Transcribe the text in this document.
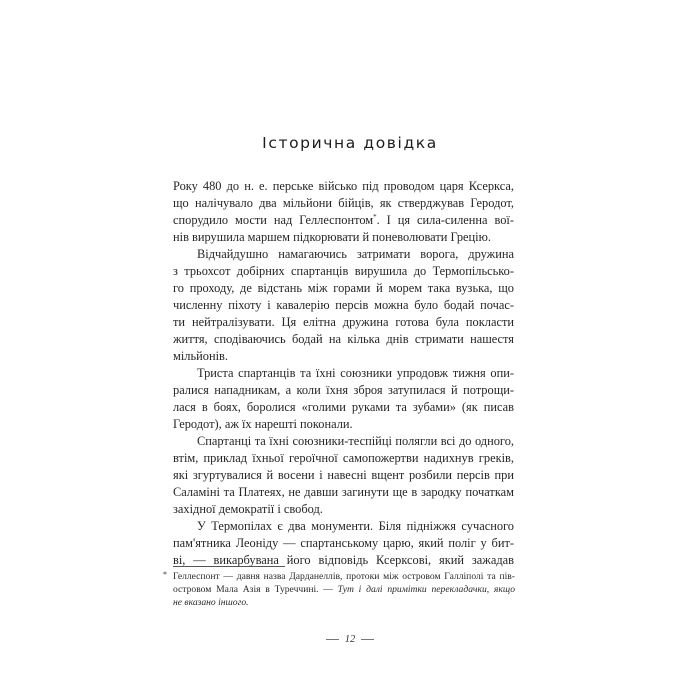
Історична довідка

Року 480 до н. е. перське військо під проводом царя Ксеркса,
що налічувало два мільйони бійців, як стверджував Геродот,
спорудило мости над Геллеспонтом*. І ця сила-силенна вої-
нів вирушила маршем підкорювати й поневолювати Грецію.

Відчайдушно намагаючись затримати ворога, дружина
з трьохсот добірних спартанців вирушила до Термопільсько-
го проходу, де відстань між горами й морем така вузька, що
численну піхоту і кавалерію персів можна було бодай почас-
ти нейтралізувати. Ця елітна дружина готова була покласти
життя, сподіваючись бодай на кілька днів стримати нашестя
мільйонів.

Триста спартанців та їхні союзники упродовж тижня опи-
ралися нападникам, а коли їхня зброя затупилася й потрощи-
лася в боях, боролися «голими руками та зубами» (як писав
Геродот), аж їх нарешті поконали.

Спартанці та їхні союзники-теспійці полягли всі до одного,
втім, приклад їхньої героїчної самопожертви надихнув греків,
які згуртувалися й восени і навесні вщент розбили персів при
Саламіні та Платеях, не давши загинути ще в зародку початкам
західної демократії і свобод.

У Термопілах є два монументи. Біля підніжжя сучасного
пам'ятника Леоніду — спартанському царю, який поліг у бит-
ві, — викарбувана його відповідь Ксерксові, який зажадав

* Геллеспонт — давня назва Дарданеллів, протоки між островом Галліполі та пів-
островом Мала Азія в Туреччині. — Тут і далі примітки перекладачки, якщо
не вказано іншого.
12
